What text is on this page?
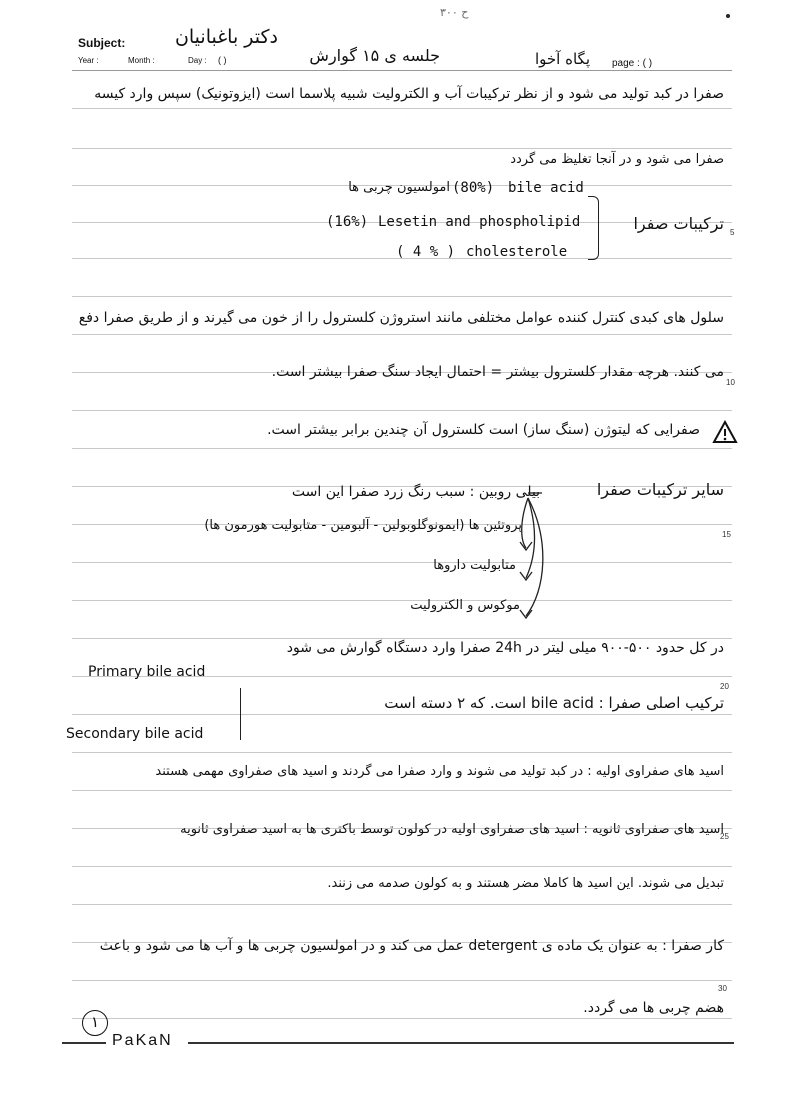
٣۰۰ ح
Subject:	دکتر باغبانیان
Year :	Month :	Day : ( )	جلسه ی ۱۵ گوارش	پگاه آخوا page : ( )
صفرا در کبد تولید می شود و از نظر ترکیبات آب و الکترولیت شبیه پلاسما است (ایزوتونیک) سپس وارد کیسه
صفرا می شود و در آنجا تغلیظ می گردد
امولسیون چربی ها (80%) bile acid
(16%) Lesetin and phospholipid
( 4 % ) cholesterole
ترکیبات صفرا
سلول های کبدی کنترل کننده عوامل مختلفی مانند استروژن کلسترول را از خون می گیرند و از طریق صفرا دفع
می کنند. هرچه مقدار کلسترول بیشتر = احتمال ایجاد سنگ صفرا بیشتر است.
صفرایی که لیتوژن (سنگ ساز) است کلسترول آن چندین برابر بیشتر است.
سایر ترکیبات صفرا
بیلی روبین : سبب رنگ زرد صفرا این است
پروتئین ها (ایمونوگلوبولین - آلبومین - متابولیت هورمون ها)
متابولیت داروها
موکوس و الکترولیت
در کل حدود ۵۰۰-۹۰۰ میلی لیتر در 24h صفرا وارد دستگاه گوارش می شود
Primary bile acid
ترکیب اصلی صفرا : bile acid است. که ۲ دسته است
Secondary bile acid
اسید های صفراوی اولیه : در کبد تولید می شوند و وارد صفرا می گردند و اسید های صفراوی مهمی هستند
اسید های صفراوی ثانویه : اسید های صفراوی اولیه در کولون توسط باکتری ها به اسید صفراوی ثانویه
تبدیل می شوند. این اسید ها کاملا مضر هستند و به کولون صدمه می زنند.
کار صفرا : به عنوان یک ماده ی detergent عمل می کند و در امولسیون چربی ها و آب ها می شود و باعث
هضم چربی ها می گردد.
5
10
15
20
25
30
۱
PaKaN
